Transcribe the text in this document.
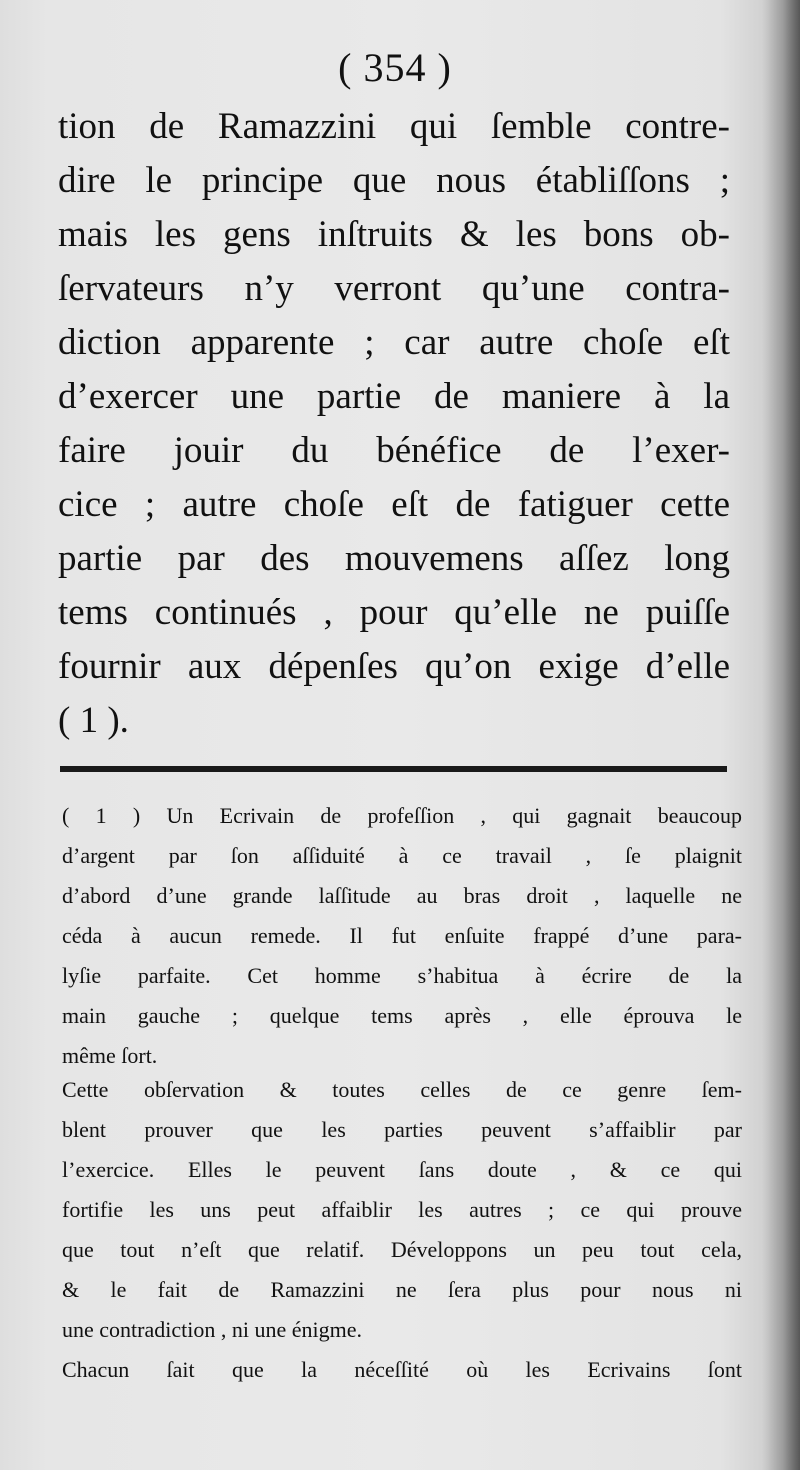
( 354 )
tion de Ramazzini qui ſemble contre-
dire le principe que nous établiſſons ;
mais les gens inſtruits & les bons ob-
ſervateurs n’y verront qu’une contra-
diction apparente ; car autre choſe eſt
d’exercer une partie de maniere à la
faire jouir du bénéfice de l’exer-
cice ; autre choſe eſt de fatiguer cette
partie par des mouvemens aſſez long
tems continués , pour qu’elle ne puiſſe
fournir aux dépenſes qu’on exige d’elle
( 1 ).
( 1 ) Un Ecrivain de profeſſion , qui gagnait beaucoup
d’argent par ſon aſſiduité à ce travail , ſe plaignit
d’abord d’une grande laſſitude au bras droit , laquelle ne
céda à aucun remede. Il fut enſuite frappé d’une para-
lyſie parfaite. Cet homme s’habitua à écrire de la
main gauche ; quelque tems après , elle éprouva le
même ſort.
Cette obſervation & toutes celles de ce genre ſem-
blent prouver que les parties peuvent s’affaiblir par
l’exercice. Elles le peuvent ſans doute , & ce qui
fortifie les uns peut affaiblir les autres ; ce qui prouve
que tout n’eſt que relatif. Développons un peu tout cela,
& le fait de Ramazzini ne ſera plus pour nous ni
une contradiction , ni une énigme.
Chacun ſait que la néceſſité où les Ecrivains ſont
